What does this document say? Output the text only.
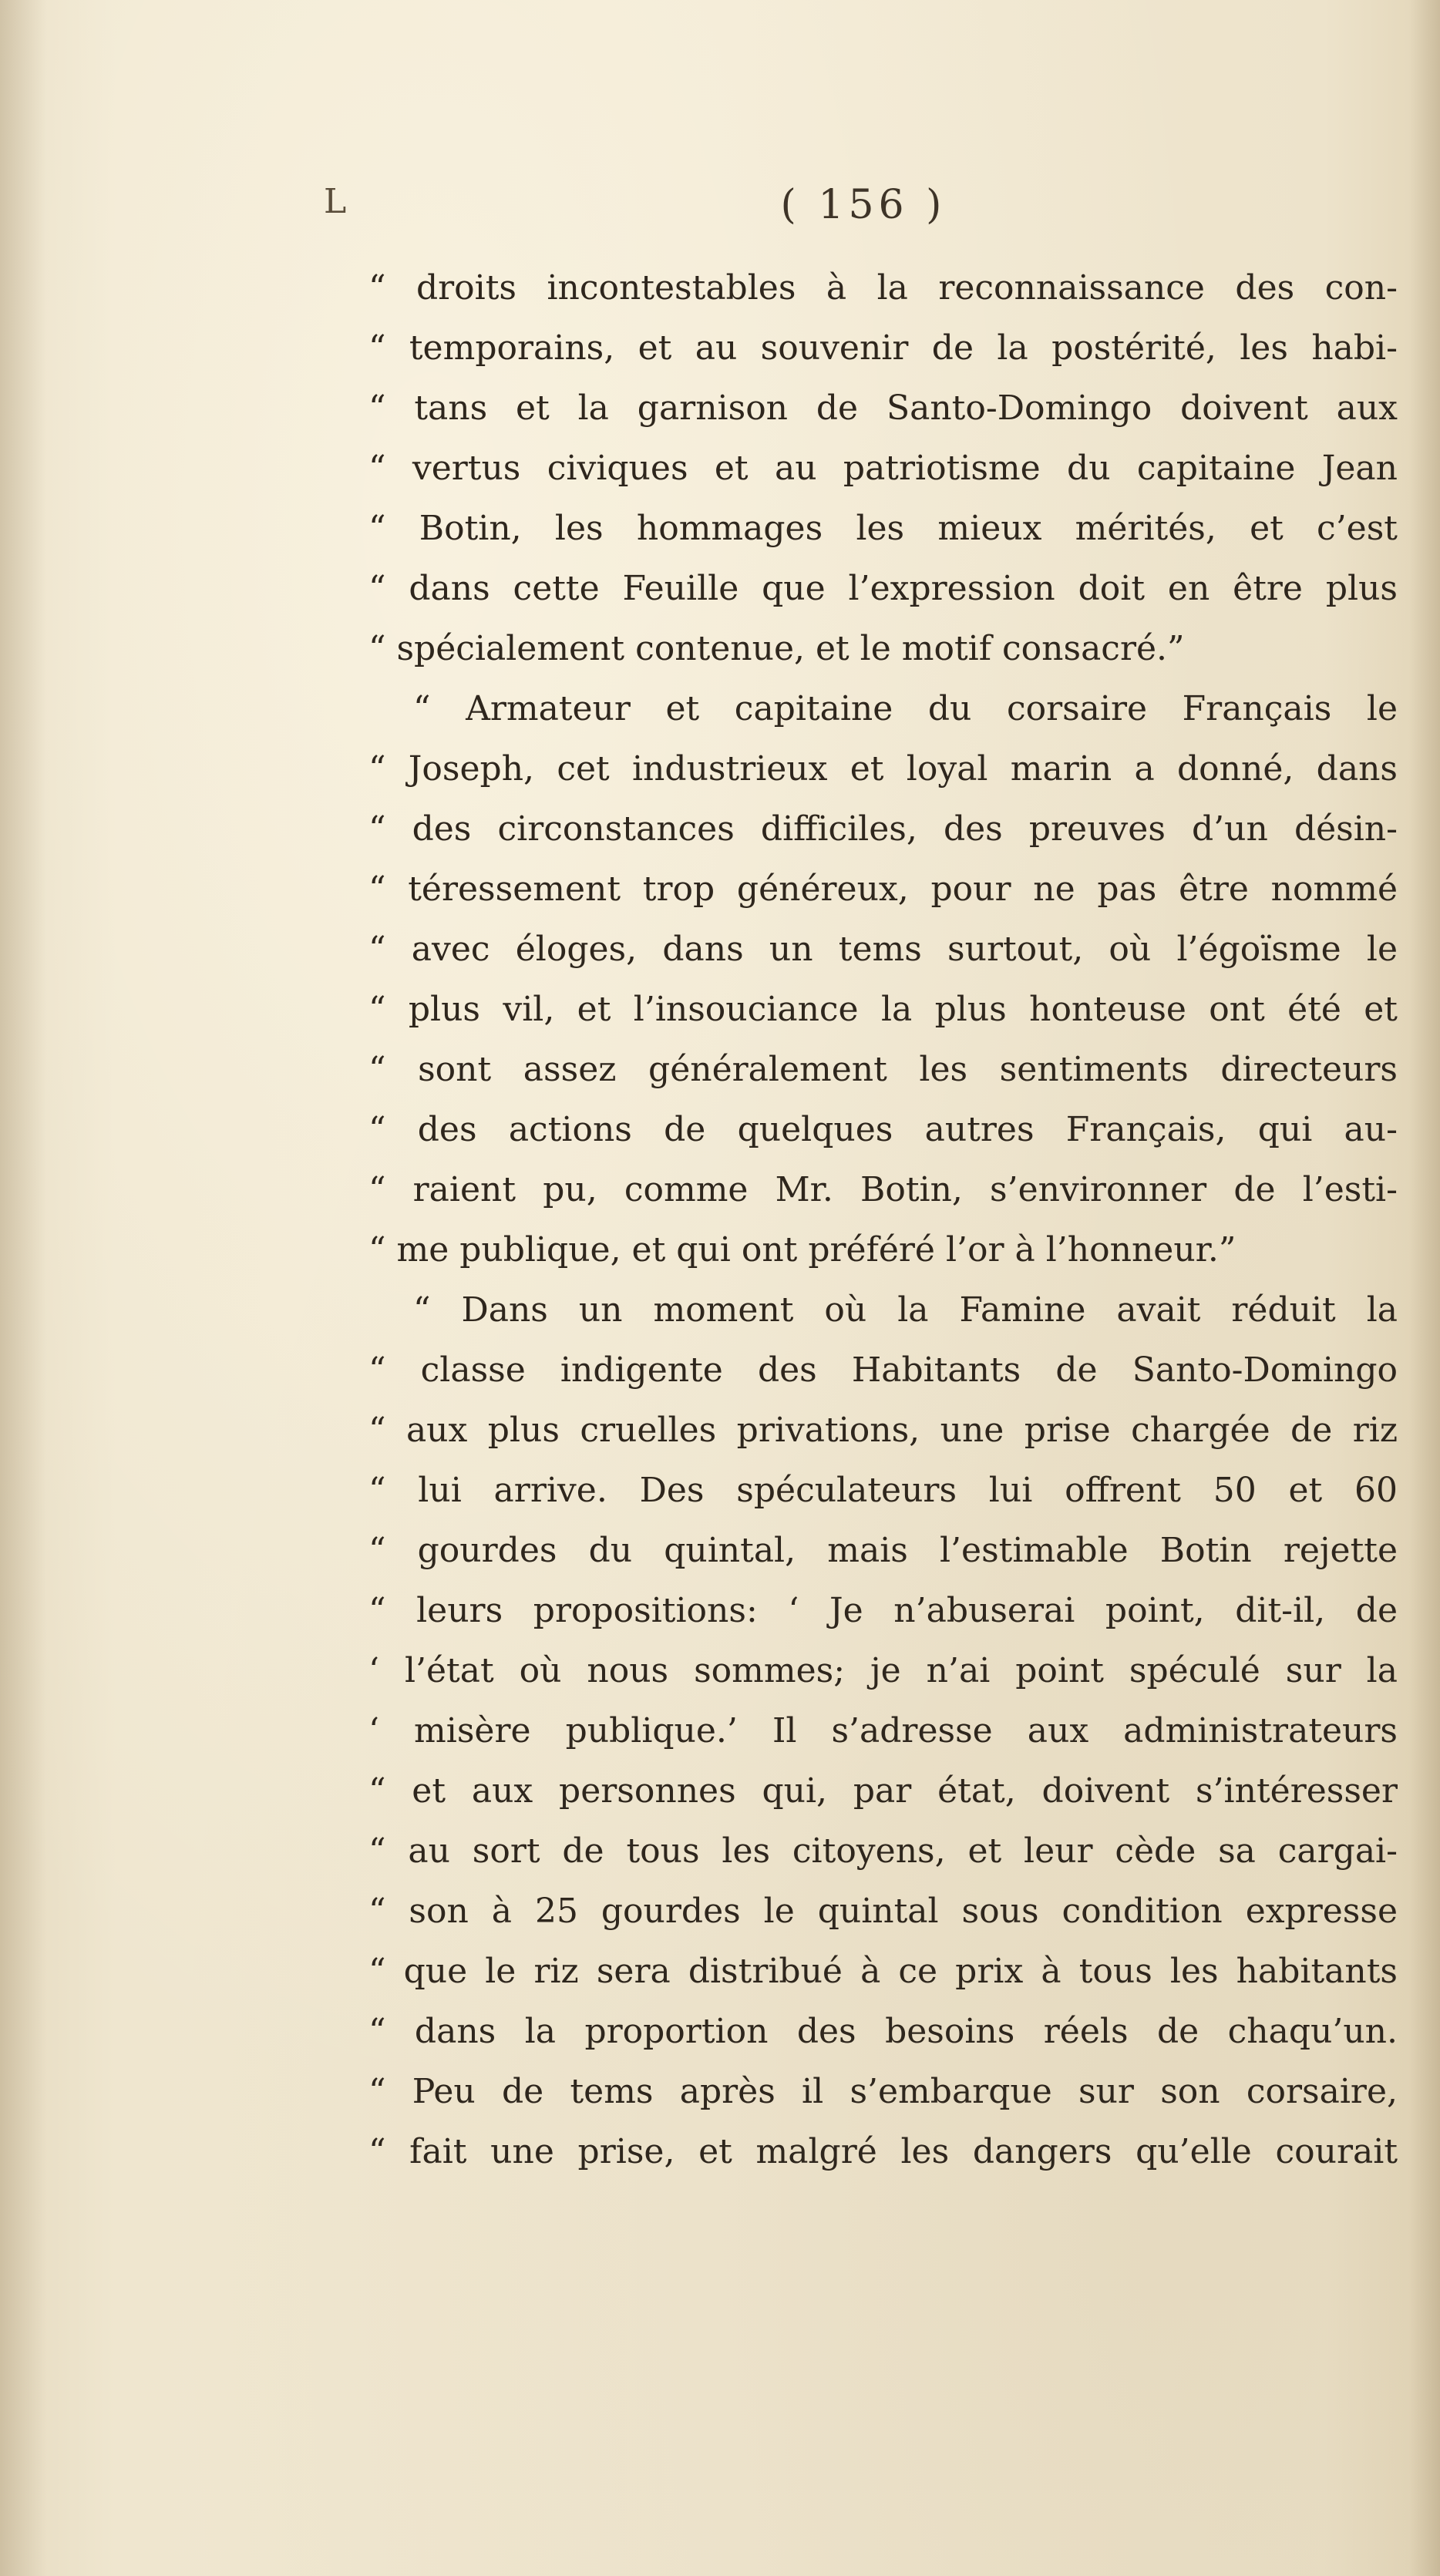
L	( 156 )
“ droits incontestables à la reconnaissance des con-
“ temporains, et au souvenir de la postérité, les habi-
“ tans et la garnison de Santo-Domingo doivent aux
“ vertus civiques et au patriotisme du capitaine Jean
“ Botin, les hommages les mieux mérités, et c’est
“ dans cette Feuille que l’expression doit en être plus
“ spécialement contenue, et le motif consacré.”
“ Armateur et capitaine du corsaire Français le
“ Joseph, cet industrieux et loyal marin a donné, dans
“ des circonstances difficiles, des preuves d’un désin-
“ téressement trop généreux, pour ne pas être nommé
“ avec éloges, dans un tems surtout, où l’égoïsme le
“ plus vil, et l’insouciance la plus honteuse ont été et
“ sont assez généralement les sentiments directeurs
“ des actions de quelques autres Français, qui au-
“ raient pu, comme Mr. Botin, s’environner de l’esti-
“ me publique, et qui ont préféré l’or à l’honneur.”
“ Dans un moment où la Famine avait réduit la
“ classe indigente des Habitants de Santo-Domingo
“ aux plus cruelles privations, une prise chargée de riz
“ lui arrive. Des spéculateurs lui offrent 50 et 60
“ gourdes du quintal, mais l’estimable Botin rejette
“ leurs propositions: ‘ Je n’abuserai point, dit-il, de
‘ l’état où nous sommes; je n’ai point spéculé sur la
‘ misère publique.’ Il s’adresse aux administrateurs
“ et aux personnes qui, par état, doivent s’intéresser
“ au sort de tous les citoyens, et leur cède sa cargai-
“ son à 25 gourdes le quintal sous condition expresse
“ que le riz sera distribué à ce prix à tous les habitants
“ dans la proportion des besoins réels de chaqu’un.
“ Peu de tems après il s’embarque sur son corsaire,
“ fait une prise, et malgré les dangers qu’elle courait
